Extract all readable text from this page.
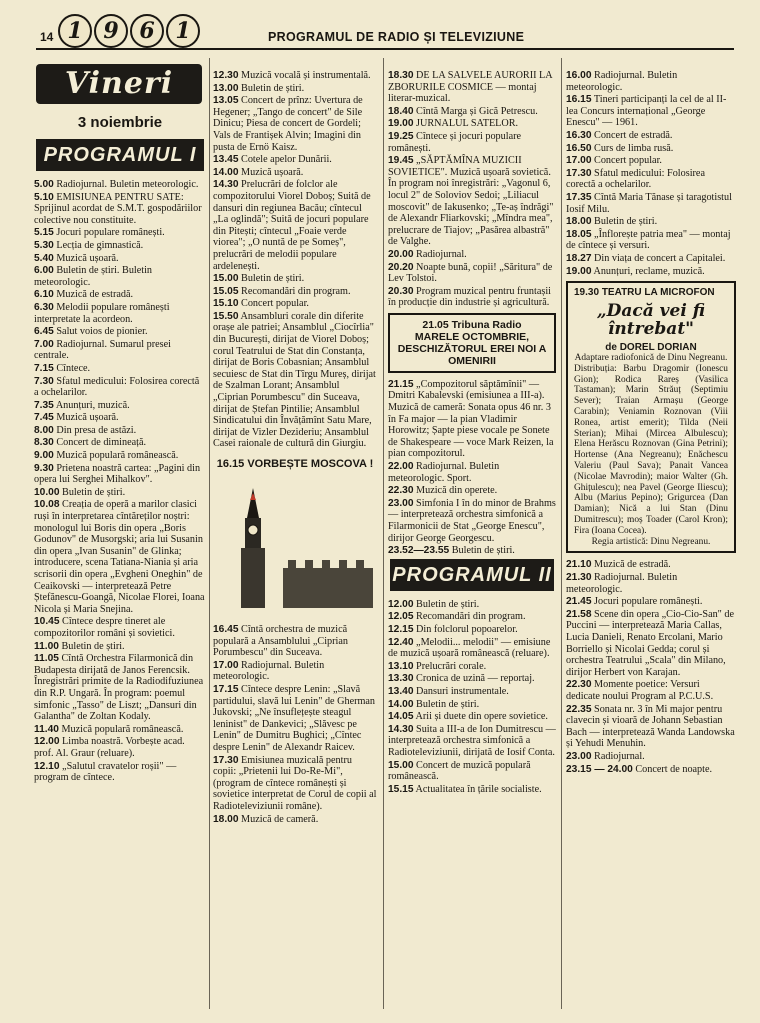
14 1 9 6 1	PROGRAMUL DE RADIO ȘI TELEVIZIUNE
Vineri
3 noiembrie
PROGRAMUL I

5.00 Radiojurnal. Buletin meteorologic.

5.10 EMISIUNEA PENTRU SATE: Sprijinul acordat de S.M.T. gospodăriilor colective nou constituite.

5.15 Jocuri populare românești.

5.30 Lecția de gimnastică.

5.40 Muzică ușoară.

6.00 Buletin de știri. Buletin meteorologic.

6.10 Muzică de estradă.

6.30 Melodii populare românești interpretate la acordeon.

6.45 Salut voios de pionier.

7.00 Radiojurnal. Sumarul presei centrale.

7.15 Cîntece.

7.30 Sfatul medicului: Folosirea corectă a ochelarilor.

7.35 Anunțuri, muzică.

7.45 Muzică ușoară.

8.00 Din presa de astăzi.

8.30 Concert de dimineață.

9.00 Muzică populară românească.

9.30 Prietena noastră cartea: „Pagini din opera lui Serghei Mihalkov".

10.00 Buletin de știri.

10.08 Creația de operă a marilor clasici ruși în interpretarea cîntăreților noștri: monologul lui Boris din opera „Boris Godunov" de Musorgski; aria lui Susanin din opera „Ivan Susanin" de Glinka; introducere, scena Tatiana-Niania și aria scrisorii din opera „Evgheni Oneghin" de Ceaikovski — interpretează Petre Ștefănescu-Goangă, Nicolae Florei, Ioana Nicola și Maria Snejina.

10.45 Cîntece despre tineret ale compozitorilor români și sovietici.

11.00 Buletin de știri.

11.05 Cîntă Orchestra Filarmonică din Budapesta dirijată de Janos Ferencsik. Înregistrări primite de la Radiodifuziunea din R.P. Ungară. În program: poemul simfonic „Tasso" de Liszt; „Dansuri din Galantha" de Zoltan Kodaly.

11.40 Muzică populară românească.

12.00 Limba noastră. Vorbește acad. prof. Al. Graur (reluare).

12.10 „Salutul cravatelor roșii" — program de cîntece.

12.30 Muzică vocală și instrumentală.

13.00 Buletin de știri.

13.05 Concert de prînz: Uvertura de Hegener; „Tango de concert" de Sile Dinicu; Piesa de concert de Gordeli; Vals de Frantișek Alvin; Imagini din pusta de Ernö Kaisz.

13.45 Cotele apelor Dunării.

14.00 Muzică ușoară.

14.30 Prelucrări de folclor ale compozitorului Viorel Doboș; Suită de dansuri din regiunea Bacău; cîntecul „La oglindă"; Suită de jocuri populare din Pitești; cîntecul „Foaie verde viorea"; „O nuntă de pe Someș", prelucrări de melodii populare ardelenești.

15.00 Buletin de știri.

15.05 Recomandări din program.

15.10 Concert popular.

15.50 Ansambluri corale din diferite orașe ale patriei; Ansamblul „Ciocîrlia" din București, dirijat de Viorel Doboș; corul Teatrului de Stat din Constanța, dirijat de Boris Cobasnian; Ansamblul secuiesc de Stat din Tîrgu Mureș, dirijat de Szalman Lorant; Ansamblul „Ciprian Porumbescu" din Suceava, dirijat de Ștefan Pintilie; Ansamblul Sindicatului din Învățămînt Satu Mare, dirijat de Vizler Dezideriu; Ansamblul Casei raionale de cultură din Giurgiu.

16.15 VORBEȘTE MOSCOVA !

16.45 Cîntă orchestra de muzică populară a Ansamblului „Ciprian Porumbescu" din Suceava.

17.00 Radiojurnal. Buletin meteorologic.

17.15 Cîntece despre Lenin: „Slavă partidului, slavă lui Lenin" de Gherman Jukovski; „Ne însuflețește steagul leninist" de Dankevici; „Slăvesc pe Lenin" de Dumitru Bughici; „Cîntec despre Lenin" de Alexandr Raicev.

17.30 Emisiunea muzicală pentru copii: „Prietenii lui Do-Re-Mi", (program de cîntece românești și sovietice interpretat de Corul de copii al Radioteleviziunii române).

18.00 Muzică de cameră.

18.30 DE LA SALVELE AURORII LA ZBORURILE COSMICE — montaj literar-muzical.

18.40 Cîntă Marga și Gică Petrescu.

19.00 JURNALUL SATELOR.

19.25 Cîntece și jocuri populare românești.

19.45 „SĂPTĂMÎNA MUZICII SOVIETICE". Muzică ușoară sovietică. În program noi înregistrări: „Vagonul 6, locul 2" de Soloviov Sedoi; „Liliacul moscovit" de Iakusenko; „Te-aș îndrăgi" de Alexandr Fliarkovski; „Mîndra mea", prelucrare de Tiajov; „Pasărea albastră" de Valghe.

20.00 Radiojurnal.

20.20 Noapte bună, copii! „Săritura" de Lev Tolstoi.

20.30 Program muzical pentru fruntașii în producție din industrie și agricultură.

21.05 Tribuna Radio
MARELE OCTOMBRIE, DESCHIZĂTORUL EREI NOI A OMENIRII

21.15 „Compozitorul săptămînii" — Dmitri Kabalevski (emisiunea a III-a). Muzică de cameră: Sonata opus 46 nr. 3 în Fa major — la pian Vladimir Horowitz; Șapte piese vocale pe Sonete de Shakespeare — voce Mark Reizen, la pian compozitorul.

22.00 Radiojurnal. Buletin meteorologic. Sport.

22.30 Muzică din operete.

23.00 Simfonia I în do minor de Brahms — interpretează orchestra simfonică a Filarmonicii de Stat „George Enescu", dirijor George Georgescu.

23.52—23.55 Buletin de știri.

PROGRAMUL II

12.00 Buletin de știri.

12.05 Recomandări din program.

12.15 Din folclorul popoarelor.

12.40 „Melodii... melodii" — emisiune de muzică ușoară românească (reluare).

13.10 Prelucrări corale.

13.30 Cronica de uzină — reportaj.

13.40 Dansuri instrumentale.

14.00 Buletin de știri.

14.05 Arii și duete din opere sovietice.

14.30 Suita a III-a de Ion Dumitrescu — interpretează orchestra simfonică a Radioteleviziunii, dirijată de Iosif Conta.

15.00 Concert de muzică populară românească.

15.15 Actualitatea în țările socialiste.

16.00 Radiojurnal. Buletin meteorologic.

16.15 Tineri participanți la cel de al II-lea Concurs internațional „George Enescu" — 1961.

16.30 Concert de estradă.

16.50 Curs de limba rusă.

17.00 Concert popular.

17.30 Sfatul medicului: Folosirea corectă a ochelarilor.

17.35 Cîntă Maria Tănase și taragotistul Iosif Milu.

18.00 Buletin de știri.

18.05 „Înflorește patria mea" — montaj de cîntece și versuri.

18.27 Din viața de concert a Capitalei.

19.00 Anunțuri, reclame, muzică.

19.30 TEATRU LA MICROFON
„Dacă vei fi întrebat"
de DOREL DORIAN
Adaptare radiofonică de Dinu Negreanu.
Distribuția: Barbu Dragomir (Ionescu Gion); Rodica Rareș (Vasilica Tastaman); Marin Străuț (Septimiu Sever); Traian Armașu (George Carabin); Veniamin Roznovan (Viii Ronea, artist emerit); Tilda (Neii Sterian); Mihai (Mircea Albulescu); Elena Herăscu Roznovan (Gina Petrini); Hortense (Ana Negreanu); Enăchescu Valeriu (Paul Sava); Panait Vancea (Nicolae Mavrodin); maior Walter (Gh. Ghițulescu); nea Pavel (George Iliescu); Albu (Marius Pepino); Grigurcea (Dan Damian); Nică a lui Stan (Dinu Dumitrescu); moș Toader (Carol Kron); Fira (Ioana Cocea).
Regia artistică: Dinu Negreanu.

21.10 Muzică de estradă.

21.30 Radiojurnal. Buletin meteorologic.

21.45 Jocuri populare românești.

21.58 Scene din opera „Cio-Cio-San" de Puccini — interpretează Maria Callas, Lucia Danieli, Renato Ercolani, Mario Borriello și Nicolai Gedda; corul și orchestra Teatrului „Scala" din Milano, dirijor Herbert von Karajan.

22.30 Momente poetice: Versuri dedicate noului Program al P.C.U.S.

22.35 Sonata nr. 3 în Mi major pentru clavecin și vioară de Johann Sebastian Bach — interpretează Wanda Landowska și Yehudi Menuhin.

23.00 Radiojurnal.

23.15 — 24.00 Concert de noapte.
